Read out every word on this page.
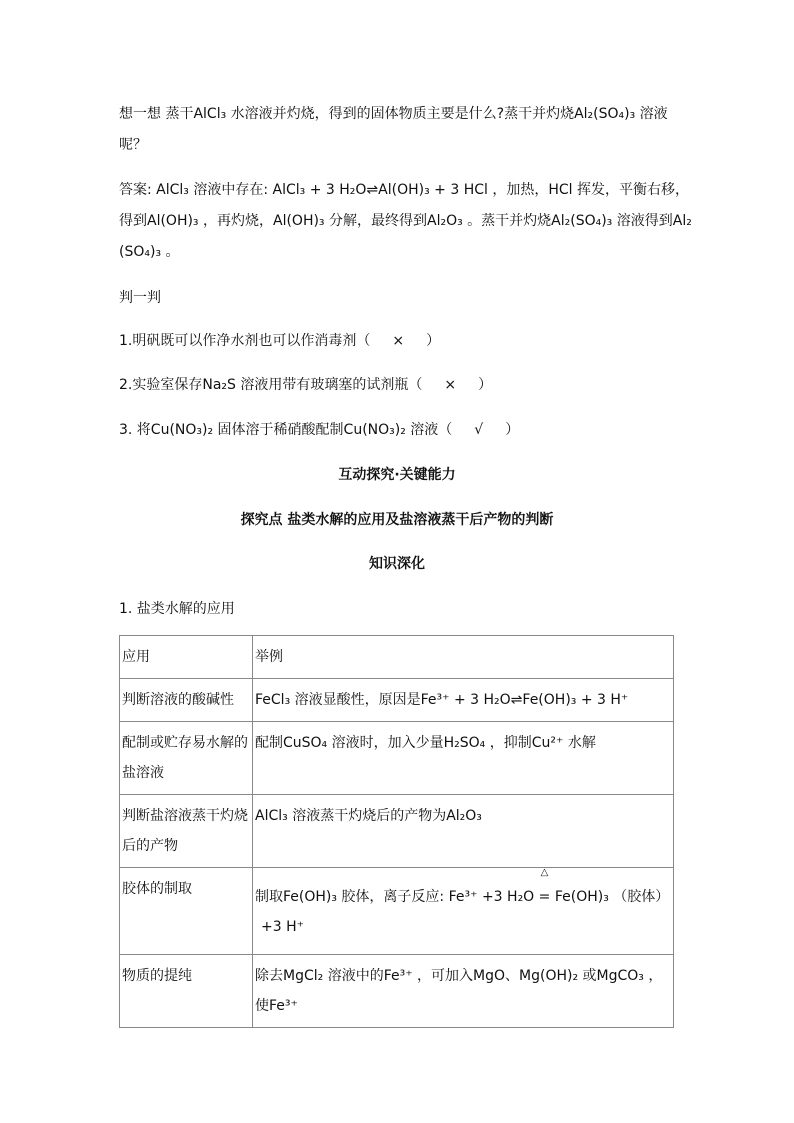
想一想 蒸干AlCl₃ 水溶液并灼烧，得到的固体物质主要是什么?蒸干并灼烧Al₂(SO₄)₃ 溶液
呢？
答案: AlCl₃ 溶液中存在: AlCl₃ + 3 H₂O⇌Al(OH)₃ + 3 HCl ，加热，HCl 挥发，平衡右移，
得到Al(OH)₃ ，再灼烧，Al(OH)₃ 分解，最终得到Al₂O₃ 。蒸干并灼烧Al₂(SO₄)₃ 溶液得到Al₂
(SO₄)₃ 。
判一判
1.明矾既可以作净水剂也可以作消毒剂（ × ）
2.实验室保存Na₂S 溶液用带有玻璃塞的试剂瓶（ × ）
3. 将Cu(NO₃)₂ 固体溶于稀硝酸配制Cu(NO₃)₂ 溶液（ √ ）
互动探究·关键能力
探究点 盐类水解的应用及盐溶液蒸干后产物的判断
知识深化
1. 盐类水解的应用
应用	举例
判断溶液的酸碱性	FeCl₃ 溶液显酸性，原因是Fe³⁺ + 3 H₂O⇌Fe(OH)₃ + 3 H⁺
配制或贮存易水解的盐溶液	配制CuSO₄ 溶液时，加入少量H₂SO₄ ，抑制Cu²⁺ 水解
判断盐溶液蒸干灼烧后的产物	AlCl₃ 溶液蒸干灼烧后的产物为Al₂O₃
胶体的制取	制取Fe(OH)₃ 胶体，离子反应: Fe³⁺ +3 H₂O
△
= Fe(OH)₃ （胶体）
+3 H⁺

物质的提纯	除去MgCl₂ 溶液中的Fe³⁺ ，可加入MgO、Mg(OH)₂ 或MgCO₃ ，使Fe³⁺
